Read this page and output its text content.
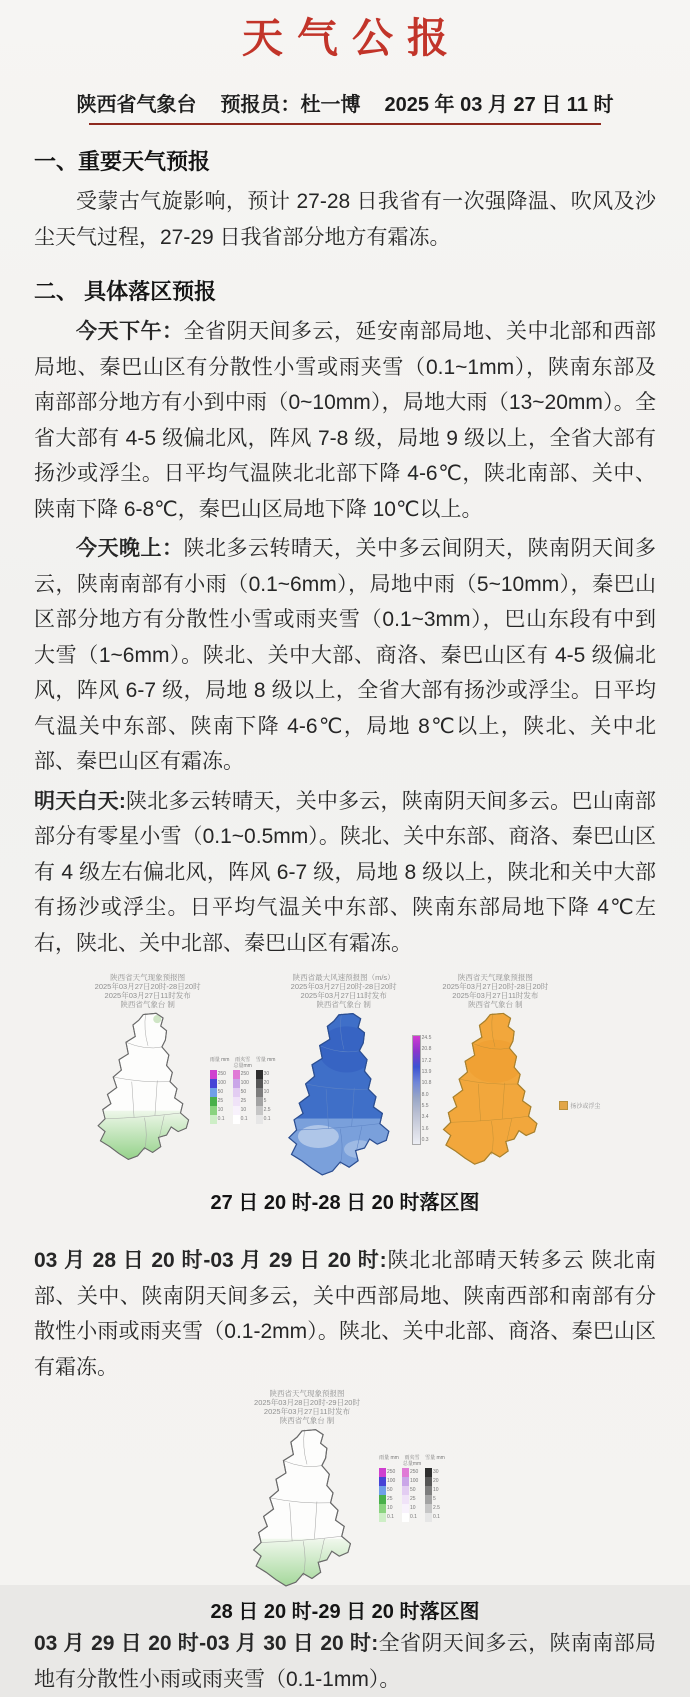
天气公报
陕西省气象台 预报员：杜一博 2025 年 03 月 27 日 11 时
一、重要天气预报

受蒙古气旋影响，预计 27-28 日我省有一次强降温、吹风及沙尘天气过程，27-29 日我省部分地方有霜冻。

二、 具体落区预报

今天下午：全省阴天间多云，延安南部局地、关中北部和西部局地、秦巴山区有分散性小雪或雨夹雪（0.1~1mm），陕南东部及南部部分地方有小到中雨（0~10mm），局地大雨（13~20mm）。全省大部有 4-5 级偏北风，阵风 7-8 级，局地 9 级以上，全省大部有扬沙或浮尘。日平均气温陕北北部下降 4-6℃，陕北南部、关中、陕南下降 6-8℃，秦巴山区局地下降 10℃以上。

今天晚上：陕北多云转晴天，关中多云间阴天，陕南阴天间多云，陕南南部有小雨（0.1~6mm），局地中雨（5~10mm），秦巴山区部分地方有分散性小雪或雨夹雪（0.1~3mm），巴山东段有中到大雪（1~6mm）。陕北、关中大部、商洛、秦巴山区有 4-5 级偏北风，阵风 6-7 级，局地 8 级以上，全省大部有扬沙或浮尘。日平均气温关中东部、陕南下降 4-6℃，局地 8℃以上，陕北、关中北部、秦巴山区有霜冻。

明天白天:陕北多云转晴天，关中多云，陕南阴天间多云。巴山南部部分有零星小雪（0.1~0.5mm）。陕北、关中东部、商洛、秦巴山区有 4 级左右偏北风，阵风 6-7 级，局地 8 级以上，陕北和关中大部有扬沙或浮尘。日平均气温关中东部、陕南东部局地下降 4℃左右，陕北、关中北部、秦巴山区有霜冻。

陕西省天气现象预报图
2025年03月27日20时-28日20时
2025年03月27日11时发布
陕西省气象台 制
雨量 mm
250
100
50
25
10
0.1
雨夹雪 总量mm
250
100
50
25
10
0.1
雪量 mm
30
20
10
5
2.5
0.1
陕西省最大风速预报图（m/s）
2025年03月27日20时-28日20时
2025年03月27日11时发布
陕西省气象台 制
24.5
20.8
17.2
13.9
10.8
8.0
5.5
3.4
1.6
0.3
陕西省天气现象预报图
2025年03月27日20时-28日20时
2025年03月27日11时发布
陕西省气象台 制
扬沙或浮尘
27 日 20 时-28 日 20 时落区图

03 月 28 日 20 时-03 月 29 日 20 时:陕北北部晴天转多云 陕北南部、关中、陕南阴天间多云，关中西部局地、陕南西部和南部有分散性小雨或雨夹雪（0.1-2mm）。陕北、关中北部、商洛、秦巴山区有霜冻。

陕西省天气现象预报图
2025年03月28日20时-29日20时
2025年03月27日11时发布
陕西省气象台 制
雨量 mm
250
100
50
25
10
0.1
雨夹雪 总量mm
250
100
50
25
10
0.1
雪量 mm
30
20
10
5
2.5
0.1
28 日 20 时-29 日 20 时落区图

03 月 29 日 20 时-03 月 30 日 20 时:全省阴天间多云，陕南南部局地有分散性小雨或雨夹雪（0.1-1mm）。
